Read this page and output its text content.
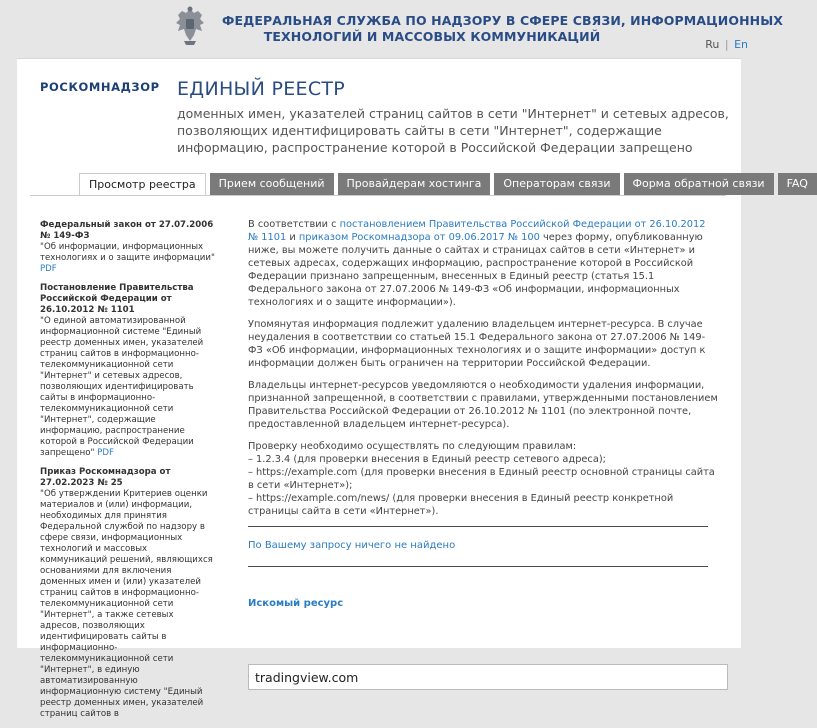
ФЕДЕРАЛЬНАЯ СЛУЖБА ПО НАДЗОРУ В СФЕРЕ СВЯЗИ, ИНФОРМАЦИОННЫХ
ТЕХНОЛОГИЙ И МАССОВЫХ КОММУНИКАЦИЙ
Ru | En
РОСКОМНАДЗОР ЕДИНЫЙ РЕЕСТР
доменных имен, указателей страниц сайтов в сети "Интернет" и сетевых адресов,
позволяющих идентифицировать сайты в сети "Интернет", содержащие
информацию, распространение которой в Российской Федерации запрещено
Просмотр реестра	Прием сообщений	Провайдерам хостинга	Операторам связи	Форма обратной связи	FAQ
Федеральный закон от 27.07.2006 № 149-ФЗ
"Об информации, информационных технологиях и о защите информации" PDF
Постановление Правительства Российской Федерации от 26.10.2012 № 1101
"О единой автоматизированной информационной системе "Единый реестр доменных имен, указателей страниц сайтов в информационно-телекоммуникационной сети "Интернет" и сетевых адресов, позволяющих идентифицировать сайты в информационно-телекоммуникационной сети "Интернет", содержащие информацию, распространение которой в Российской Федерации запрещено" PDF
Приказ Роскомнадзора от 27.02.2023 № 25
"Об утверждении Критериев оценки материалов и (или) информации, необходимых для принятия Федеральной службой по надзору в сфере связи, информационных технологий и массовых коммуникаций решений, являющихся основаниями для включения доменных имен и (или) указателей страниц сайтов в информационно-телекоммуникационной сети "Интернет", а также сетевых адресов, позволяющих идентифицировать сайты в информационно-телекоммуникационной сети "Интернет", в единую автоматизированную информационную систему "Единый реестр доменных имен, указателей страниц сайтов в

В соответствии с постановлением Правительства Российской Федерации от 26.10.2012 № 1101 и приказом Роскомнадзора от 09.06.2017 № 100 через форму, опубликованную ниже, вы можете получить данные о сайтах и страницах сайтов в сети «Интернет» и сетевых адресах, содержащих информацию, распространение которой в Российской Федерации признано запрещенным, внесенных в Единый реестр (статья 15.1 Федерального закона от 27.07.2006 № 149-ФЗ «Об информации, информационных технологиях и о защите информации»).

Упомянутая информация подлежит удалению владельцем интернет-ресурса. В случае неудаления в соответствии со статьей 15.1 Федерального закона от 27.07.2006 № 149-ФЗ «Об информации, информационных технологиях и о защите информации» доступ к информации должен быть ограничен на территории Российской Федерации.

Владельцы интернет-ресурсов уведомляются о необходимости удаления информации, признанной запрещенной, в соответствии с правилами, утвержденными постановлением Правительства Российской Федерации от 26.10.2012 № 1101 (по электронной почте, предоставленной владельцем интернет-ресурса).

Проверку необходимо осуществлять по следующим правилам:
– 1.2.3.4 (для проверки внесения в Единый реестр сетевого адреса);
– https://example.com (для проверки внесения в Единый реестр основной страницы сайта в сети «Интернет»);
– https://example.com/news/ (для проверки внесения в Единый реестр конкретной страницы сайта в сети «Интернет»).
По Вашему запросу ничего не найдено
Искомый ресурс
tradingview.com
